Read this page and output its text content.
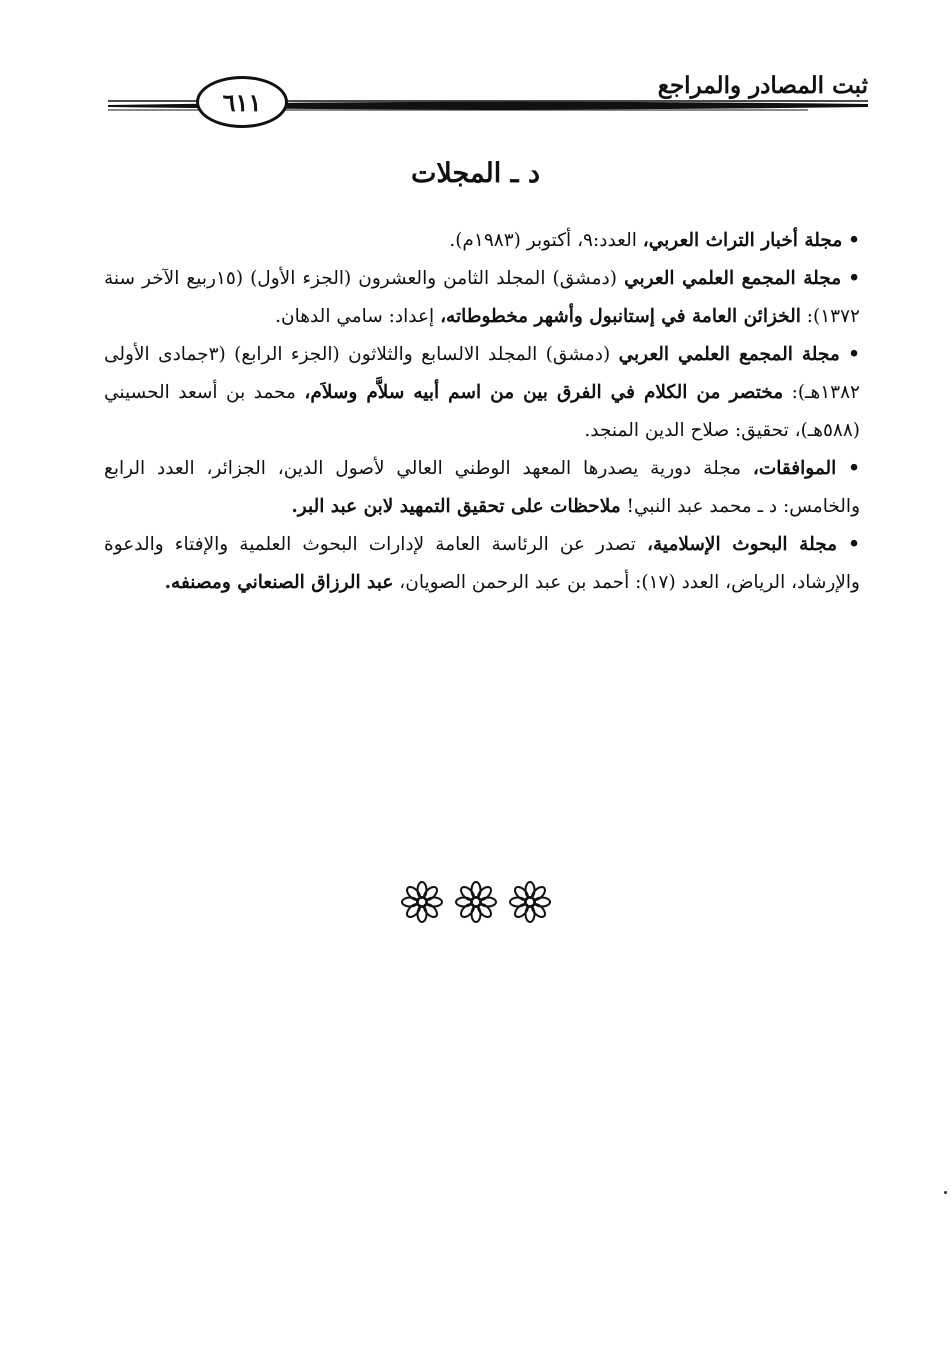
ثبت المصادر والمراجع
٦١١
د ـ المجلات

• مجلة أخبار التراث العربي، العدد:٩، أكتوبر (١٩٨٣م).

• مجلة المجمع العلمي العربي (دمشق) المجلد الثامن والعشرون (الجزء الأول) (١٥ربيع الآخر سنة ١٣٧٢): الخزائن العامة في إستانبول وأشهر مخطوطاته، إعداد: سامي الدهان.

• مجلة المجمع العلمي العربي (دمشق) المجلد الالسابع والثلاثون (الجزء الرابع) (٣جمادى الأولى ١٣٨٢هـ): مختصر من الكلام في الفرق بين من اسم أبيه سلاَّم وسلاَم، محمد بن أسعد الحسيني (٥٨٨هـ)، تحقيق: صلاح الدين المنجد.

• الموافقات، مجلة دورية يصدرها المعهد الوطني العالي لأصول الدين، الجزائر، العدد الرابع والخامس: د ـ محمد عبد النبي! ملاحظات على تحقيق التمهيد لابن عبد البر.

• مجلة البحوث الإسلامية، تصدر عن الرئاسة العامة لإدارات البحوث العلمية والإفتاء والدعوة والإرشاد، الرياض، العدد (١٧): أحمد بن عبد الرحمن الصويان، عبد الرزاق الصنعاني ومصنفه.
